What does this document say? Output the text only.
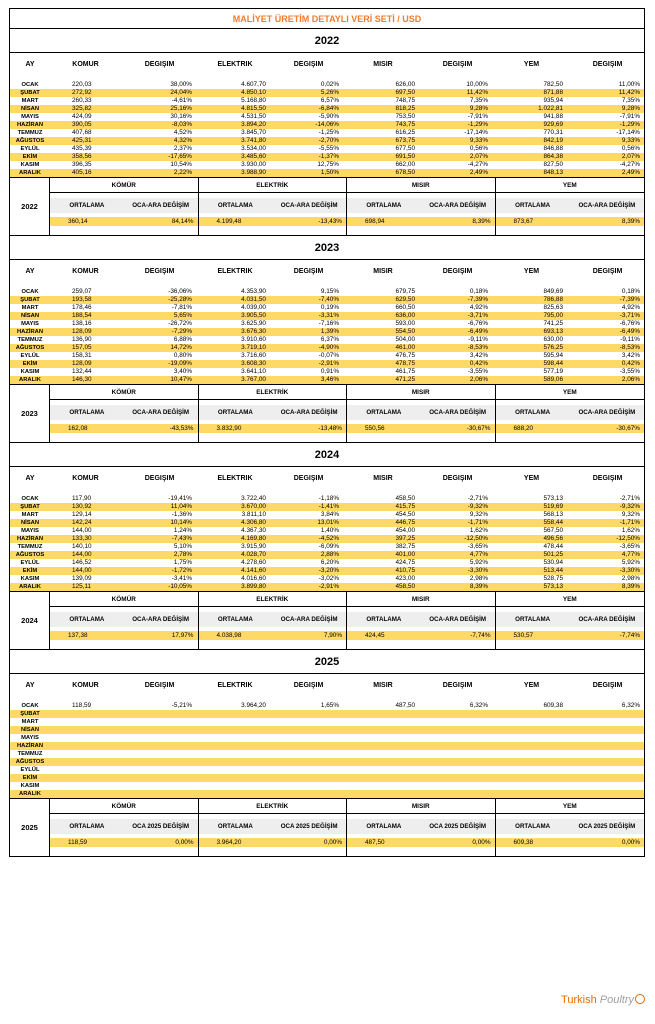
MALİYET ÜRETİM DETAYLI VERİ SETİ / USD
2022
AY	KÖMÜR	DEĞİŞİM	ELEKTRİK	DEĞİŞİM	MISIR	DEĞİŞİM	YEM	DEĞİŞİM
OCAK	220,03	38,00%	4.607,70	0,02%	626,00	10,00%	782,50	11,00%
ŞUBAT	272,92	24,04%	4.850,10	5,26%	697,50	11,42%	871,88	11,42%
MART	260,33	-4,61%	5.168,80	6,57%	748,75	7,35%	935,94	7,35%
NİSAN	325,82	25,16%	4.815,50	-6,84%	818,25	9,28%	1.022,81	9,28%
MAYIS	424,09	30,16%	4.531,50	-5,90%	753,50	-7,91%	941,88	-7,91%
HAZİRAN	390,05	-8,03%	3.894,20	-14,06%	743,75	-1,29%	929,69	-1,29%
TEMMUZ	407,68	4,52%	3.845,70	-1,25%	616,25	-17,14%	770,31	-17,14%
AĞUSTOS	425,31	4,32%	3.741,80	-2,70%	673,75	9,33%	842,19	9,33%
EYLÜL	435,39	2,37%	3.534,00	-5,55%	677,50	0,56%	846,88	0,56%
EKİM	358,56	-17,65%	3.485,60	-1,37%	691,50	2,07%	864,38	2,07%
KASIM	396,35	10,54%	3.930,00	12,75%	662,00	-4,27%	827,50	-4,27%
ARALIK	405,16	2,22%	3.988,90	1,50%	678,50	2,49%	848,13	2,49%
2022
KÖMÜR
ORTALAMA	OCA-ARA DEĞİŞİM
360,14	84,14%
ELEKTRİK
ORTALAMA	OCA-ARA DEĞİŞİM
4.199,48	-13,43%
MISIR
ORTALAMA	OCA-ARA DEĞİŞİM
698,94	8,39%
YEM
ORTALAMA	OCA-ARA DEĞİŞİM
873,67	8,39%
2023
AY	KÖMÜR	DEĞİŞİM	ELEKTRİK	DEĞİŞİM	MISIR	DEĞİŞİM	YEM	DEĞİŞİM
OCAK	259,07	-36,06%	4.353,90	9,15%	679,75	0,18%	849,69	0,18%
ŞUBAT	193,58	-25,28%	4.031,50	-7,40%	629,50	-7,39%	786,88	-7,39%
MART	178,46	-7,81%	4.039,00	0,19%	660,50	4,92%	825,63	4,92%
NİSAN	188,54	5,65%	3.905,50	-3,31%	636,00	-3,71%	795,00	-3,71%
MAYIS	138,16	-26,72%	3.625,90	-7,16%	593,00	-6,76%	741,25	-6,76%
HAZİRAN	128,09	-7,29%	3.676,30	1,39%	554,50	-6,49%	693,13	-6,49%
TEMMUZ	136,90	6,88%	3.910,60	6,37%	504,00	-9,11%	630,00	-9,11%
AĞUSTOS	157,05	14,72%	3.719,10	-4,90%	461,00	-8,53%	576,25	-8,53%
EYLÜL	158,31	0,80%	3.716,60	-0,07%	476,75	3,42%	595,94	3,42%
EKİM	128,09	-19,09%	3.608,30	-2,91%	478,75	0,42%	598,44	0,42%
KASIM	132,44	3,40%	3.641,10	0,91%	461,75	-3,55%	577,19	-3,55%
ARALIK	146,30	10,47%	3.767,00	3,46%	471,25	2,06%	589,06	2,06%
2023
KÖMÜR
ORTALAMA	OCA-ARA DEĞİŞİM
162,08	-43,53%
ELEKTRİK
ORTALAMA	OCA-ARA DEĞİŞİM
3.832,90	-13,48%
MISIR
ORTALAMA	OCA-ARA DEĞİŞİM
550,56	-30,67%
YEM
ORTALAMA	OCA-ARA DEĞİŞİM
688,20	-30,67%
2024
AY	KÖMÜR	DEĞİŞİM	ELEKTRİK	DEĞİŞİM	MISIR	DEĞİŞİM	YEM	DEĞİŞİM
OCAK	117,90	-19,41%	3.722,40	-1,18%	458,50	-2,71%	573,13	-2,71%
ŞUBAT	130,92	11,04%	3.670,00	-1,41%	415,75	-9,32%	519,69	-9,32%
MART	129,14	-1,36%	3.811,10	3,84%	454,50	9,32%	568,13	9,32%
NİSAN	142,24	10,14%	4.306,80	13,01%	446,75	-1,71%	558,44	-1,71%
MAYIS	144,00	1,24%	4.367,30	1,40%	454,00	1,62%	567,50	1,62%
HAZİRAN	133,30	-7,43%	4.169,80	-4,52%	397,25	-12,50%	496,56	-12,50%
TEMMUZ	140,10	5,10%	3.915,90	-6,09%	382,75	-3,65%	478,44	-3,65%
AĞUSTOS	144,00	2,78%	4.028,70	2,88%	401,00	4,77%	501,25	4,77%
EYLÜL	146,52	1,75%	4.278,60	6,20%	424,75	5,92%	530,94	5,92%
EKİM	144,00	-1,72%	4.141,60	-3,20%	410,75	-3,30%	513,44	-3,30%
KASIM	139,09	-3,41%	4.016,60	-3,02%	423,00	2,98%	528,75	2,98%
ARALIK	125,11	-10,05%	3.899,80	-2,91%	458,50	8,39%	573,13	8,39%
2024
KÖMÜR
ORTALAMA	OCA-ARA DEĞİŞİM
137,38	17,97%
ELEKTRİK
ORTALAMA	OCA-ARA DEĞİŞİM
4.038,98	7,90%
MISIR
ORTALAMA	OCA-ARA DEĞİŞİM
424,45	-7,74%
YEM
ORTALAMA	OCA-ARA DEĞİŞİM
530,57	-7,74%
2025
AY	KÖMÜR	DEĞİŞİM	ELEKTRİK	DEĞİŞİM	MISIR	DEĞİŞİM	YEM	DEĞİŞİM
OCAK	118,59	-5,21%	3.964,20	1,65%	487,50	6,32%	609,38	6,32%
ŞUBAT
MART
NİSAN
MAYIS
HAZİRAN
TEMMUZ
AĞUSTOS
EYLÜL
EKİM
KASIM
ARALIK
2025
KÖMÜR
ORTALAMA	OCA 2025 DEĞİŞİM
118,59	0,00%
ELEKTRİK
ORTALAMA	OCA 2025 DEĞİŞİM
3.964,20	0,00%
MISIR
ORTALAMA	OCA 2025 DEĞİŞİM
487,50	0,00%
YEM
ORTALAMA	OCA 2025 DEĞİŞİM
609,38	0,00%
Turkish Poultry
